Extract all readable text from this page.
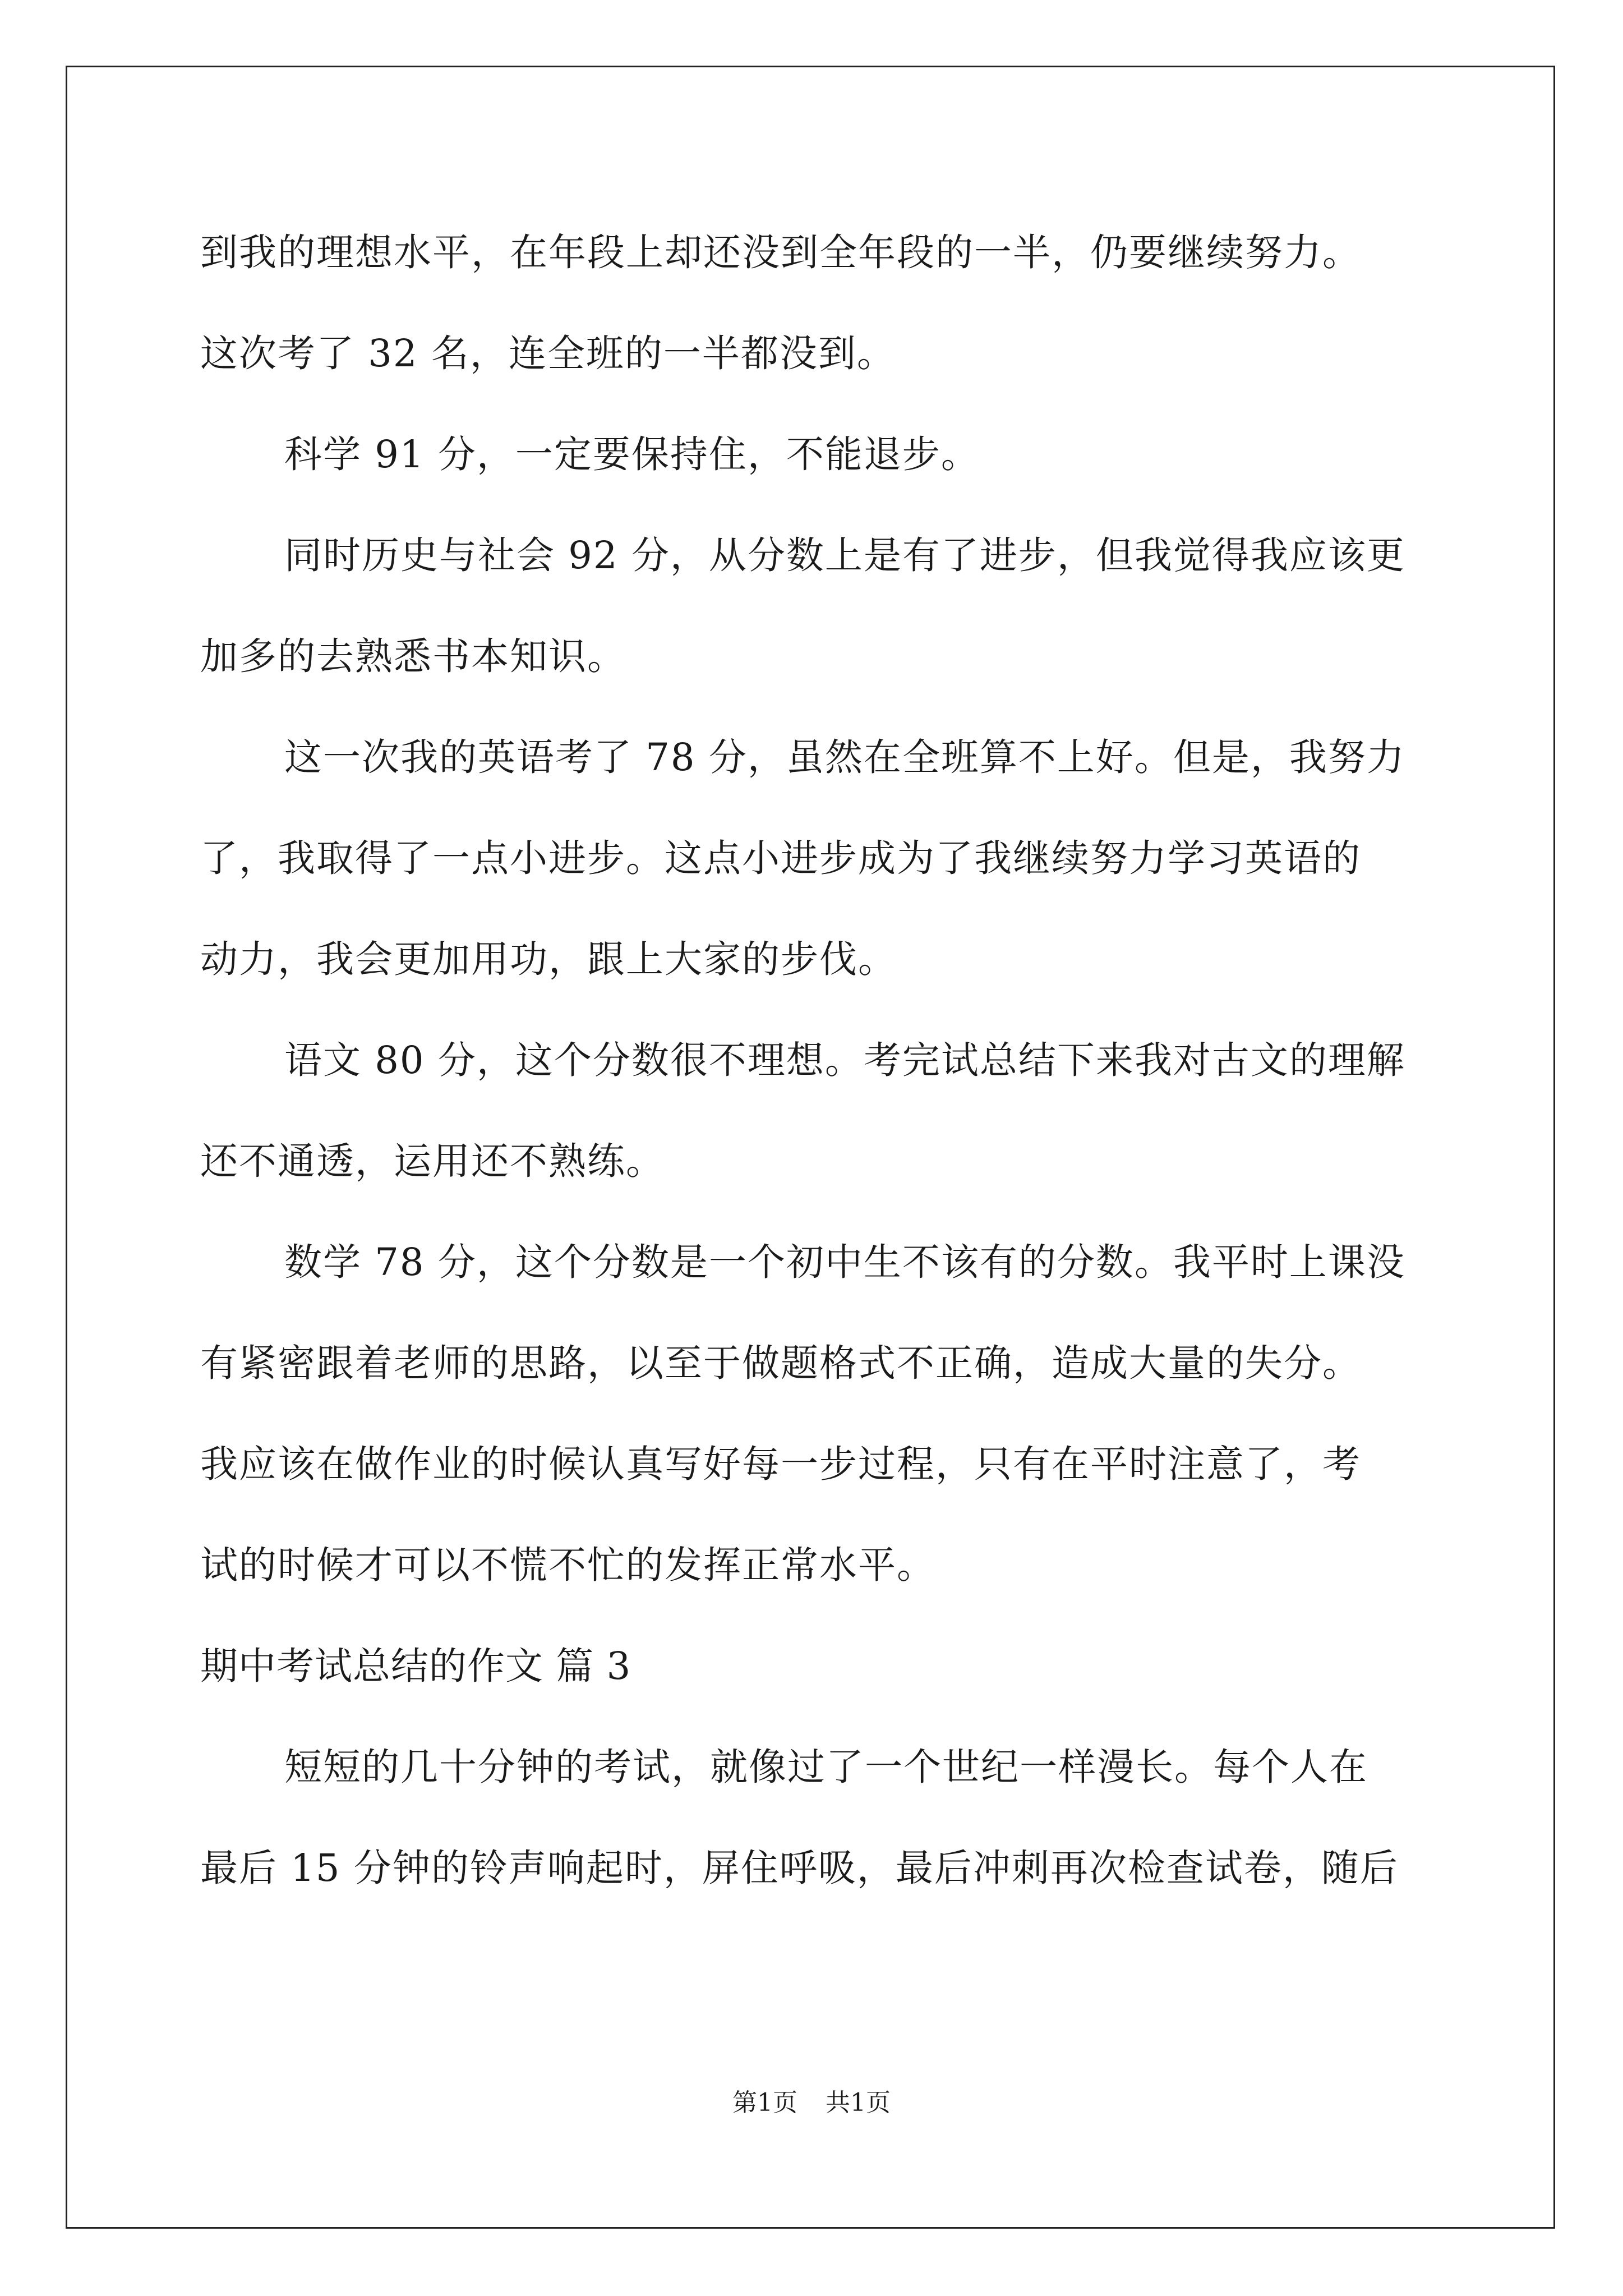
到我的理想水平，在年段上却还没到全年段的一半，仍要继续努力。
这次考了 32 名，连全班的一半都没到。
科学 91 分，一定要保持住，不能退步。
同时历史与社会 92 分，从分数上是有了进步，但我觉得我应该更
加多的去熟悉书本知识。
这一次我的英语考了 78 分，虽然在全班算不上好。但是，我努力
了，我取得了一点小进步。这点小进步成为了我继续努力学习英语的
动力，我会更加用功，跟上大家的步伐。
语文 80 分，这个分数很不理想。考完试总结下来我对古文的理解
还不通透，运用还不熟练。
数学 78 分，这个分数是一个初中生不该有的分数。我平时上课没
有紧密跟着老师的思路，以至于做题格式不正确，造成大量的失分。
我应该在做作业的时候认真写好每一步过程，只有在平时注意了，考
试的时候才可以不慌不忙的发挥正常水平。
期中考试总结的作文 篇 3
短短的几十分钟的考试，就像过了一个世纪一样漫长。每个人在
最后 15 分钟的铃声响起时，屏住呼吸，最后冲刺再次检查试卷，随后
第1页 共1页
